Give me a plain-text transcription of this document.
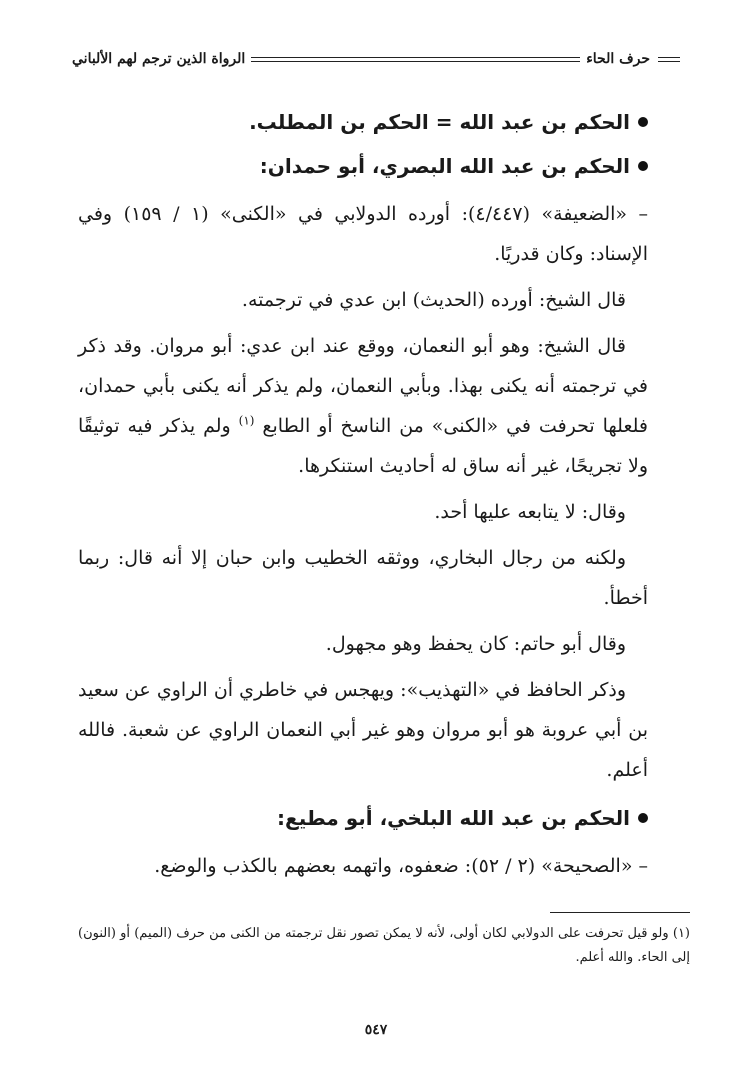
حرف الحاء
الرواة الذين ترجم لهم الألباني
الحكم بن عبد الله = الحكم بن المطلب.
الحكم بن عبد الله البصري، أبو حمدان:

– «الضعيفة» (٤/٤٤٧): أورده الدولابي في «الكنى» (١ / ١٥٩) وفي الإسناد: وكان قدريًا.

قال الشيخ: أورده (الحديث) ابن عدي في ترجمته.

قال الشيخ: وهو أبو النعمان، ووقع عند ابن عدي: أبو مروان. وقد ذكر في ترجمته أنه يكنى بهذا. وبأبي النعمان، ولم يذكر أنه يكنى بأبي حمدان، فلعلها تحرفت في «الكنى» من الناسخ أو الطابع $^{(١)}$ ولم يذكر فيه توثيقًا ولا تجريحًا، غير أنه ساق له أحاديث استنكرها.

وقال: لا يتابعه عليها أحد.

ولكنه من رجال البخاري، ووثقه الخطيب وابن حبان إلا أنه قال: ربما أخطأ.

وقال أبو حاتم: كان يحفظ وهو مجهول.

وذكر الحافظ في «التهذيب»: ويهجس في خاطري أن الراوي عن سعيد بن أبي عروبة هو أبو مروان وهو غير أبي النعمان الراوي عن شعبة. فالله أعلم.

الحكم بن عبد الله البلخي، أبو مطيع:

– «الصحيحة» (٢ / ٥٢): ضعفوه، واتهمه بعضهم بالكذب والوضع.

(١) ولو قيل تحرفت على الدولابي لكان أولى، لأنه لا يمكن تصور نقل ترجمته من الكنى من حرف (الميم) أو (النون) إلى الحاء. والله أعلم.
٥٤٧
